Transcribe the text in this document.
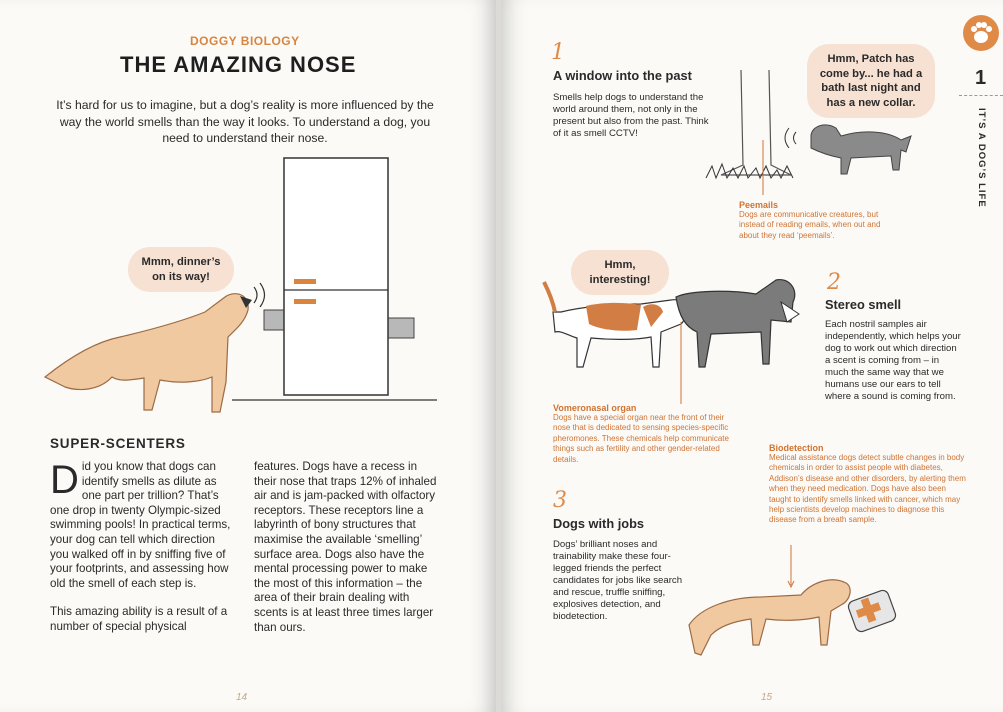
DOGGY BIOLOGY
THE AMAZING NOSE
It’s hard for us to imagine, but a dog’s reality is more influenced by the way the world smells than the way it looks. To understand a dog, you need to understand their nose.
Mmm, dinner’s on its way!
SUPER-SCENTERS
Did you know that dogs can identify smells as dilute as one part per trillion? That’s one drop in twenty Olympic-sized swimming pools! In practical terms, your dog can tell which direction you walked off in by sniffing five of your footprints, and assessing how old the smell of each step is.
This amazing ability is a result of a number of special physical
features. Dogs have a recess in their nose that traps 12% of inhaled air and is jam-packed with olfactory receptors. These receptors line a labyrinth of bony structures that maximise the available ‘smelling’ surface area. Dogs also have the mental processing power to make the most of this information – the area of their brain dealing with scents is at least three times larger than ours.
14
1
A window into the past
Smells help dogs to understand the world around them, not only in the present but also from the past. Think of it as smell CCTV!
Hmm, Patch has come by... he had a bath last night and has a new collar.
Peemails
Dogs are communicative creatures, but instead of reading emails, when out and about they read ‘peemails’.
Hmm, interesting!	2
Stereo smell
Each nostril samples air independently, which helps your dog to work out which direction a scent is coming from – in much the same way that we humans use our ears to tell where a sound is coming from.
Vomeronasal organ
Dogs have a special organ near the front of their nose that is dedicated to sensing species-specific pheromones. These chemicals help communicate things such as fertility and other gender-related details.
Biodetection
Medical assistance dogs detect subtle changes in body chemicals in order to assist people with diabetes, Addison’s disease and other disorders, by alerting them when they need medication. Dogs have also been taught to identify smells linked with cancer, which may help scientists develop machines to diagnose this disease from a breath sample.
3
Dogs with jobs
Dogs’ brilliant noses and trainability make these four-legged friends the perfect candidates for jobs like search and rescue, truffle sniffing, explosives detection, and biodetection.
1
IT’S A DOG’S LIFE
15
